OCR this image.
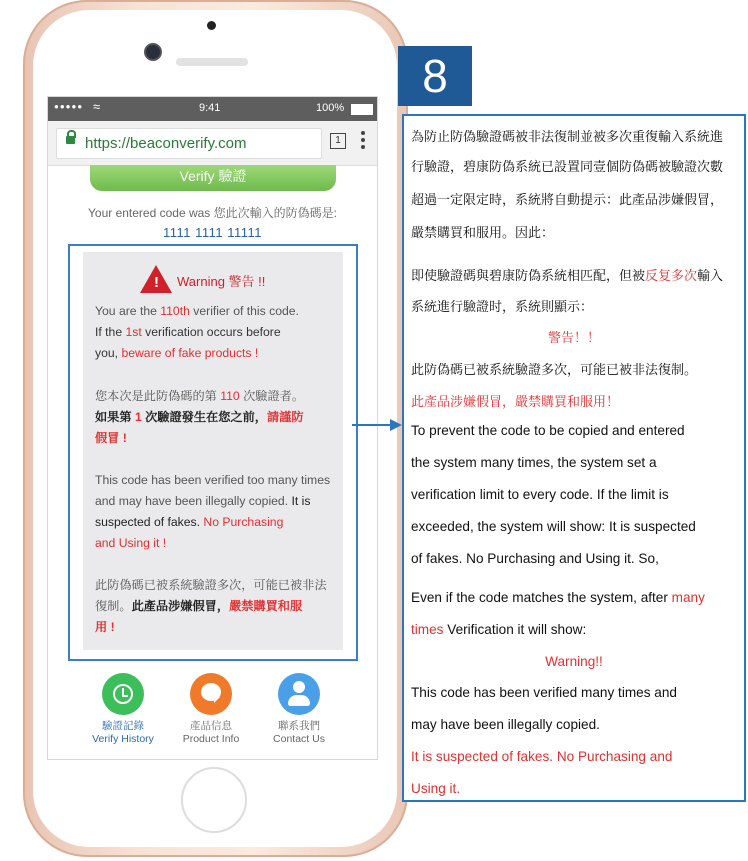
●●●●● ≈	9:41	100%
https://beaconverify.com	1
Verify 驗證
Your entered code was 您此次輸入的防偽碼是:
1111 1111 11111
! Warning 警告 !!
You are the 110th verifier of this code.
If the 1st verification occurs before
you, beware of fake products !
您本次是此防偽碼的第 110 次驗證者。
如果第 1 次驗證發生在您之前，請謹防
假冒 !
This code has been verified too many times
and may have been illegally copied. It is
suspected of fakes. No Purchasing
and Using it !
此防偽碼已被系統驗證多次，可能已被非法
復制。此產品涉嫌假冒，嚴禁購買和服
用 !
驗證記錄
Verify History
產品信息
Product Info
聯系我們
Contact Us
8
為防止防偽驗證碼被非法復制並被多次重復輸入系統進
行驗證，碧康防偽系統已設置同壹個防偽碼被驗證次數
超過一定限定時，系統將自動提示：此產品涉嫌假冒，
嚴禁購買和服用。因此：
即使驗證碼與碧康防偽系統相匹配，但被反复多次輸入
系統進行驗證时，系統則顯示：
警告！！
此防偽碼已被系統驗證多次，可能已被非法復制。
此產品涉嫌假冒，嚴禁購買和服用！
To prevent the code to be copied and entered
the system many times, the system set a
verification limit to every code. If the limit is
exceeded, the system will show: It is suspected
of fakes. No Purchasing and Using it. So,
Even if the code matches the system, after many
times Verification it will show:
Warning!!
This code has been verified many times and
may have been illegally copied.
It is suspected of fakes. No Purchasing and
Using it.
